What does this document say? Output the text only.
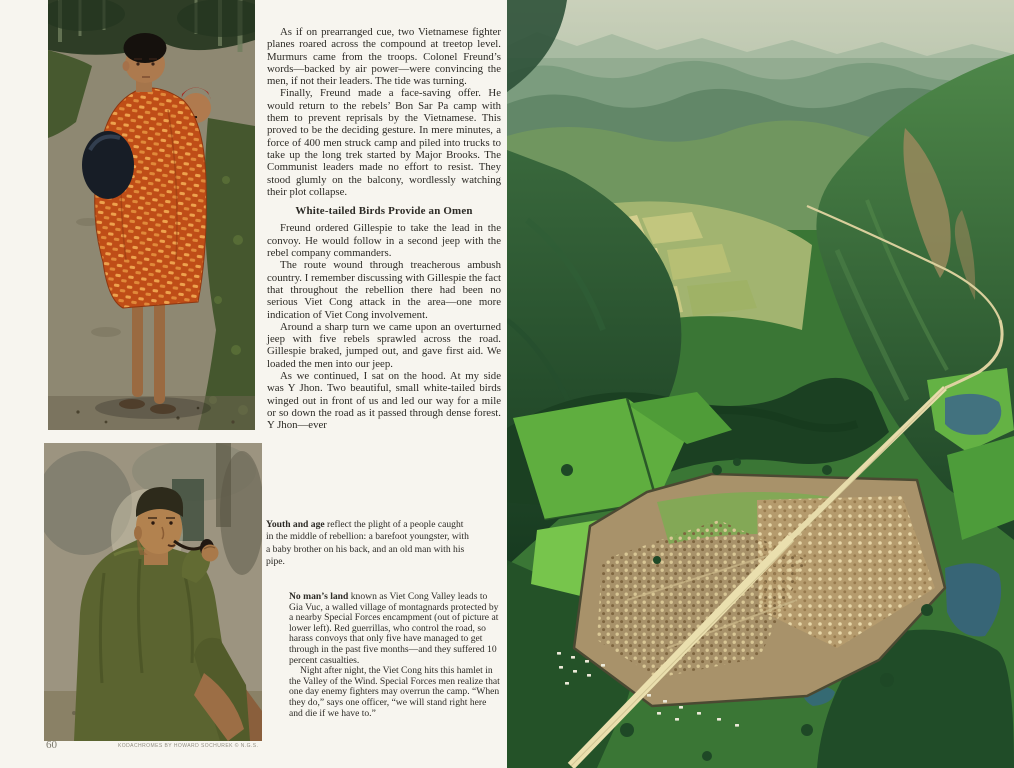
As if on prearranged cue, two Vietnamese fighter planes roared across the compound at treetop level. Murmurs came from the troops. Colonel Freund’s words—backed by air power—were convincing the men, if not their leaders. The tide was turning.

Finally, Freund made a face-saving offer. He would return to the rebels’ Bon Sar Pa camp with them to prevent reprisals by the Vietnamese. This proved to be the deciding gesture. In mere minutes, a force of 400 men struck camp and piled into trucks to take up the long trek started by Major Brooks. The Communist leaders made no effort to resist. They stood glumly on the balcony, wordlessly watching their plot collapse.

White-tailed Birds Provide an Omen

Freund ordered Gillespie to take the lead in the convoy. He would follow in a second jeep with the rebel company commanders.

The route wound through treacherous ambush country. I remember discussing with Gillespie the fact that throughout the rebellion there had been no serious Viet Cong attack in the area—one more indication of Viet Cong involvement.

Around a sharp turn we came upon an overturned jeep with five rebels sprawled across the road. Gillespie braked, jumped out, and gave first aid. We loaded the men into our jeep.

As we continued, I sat on the hood. At my side was Y Jhon. Two beautiful, small white-tailed birds winged out in front of us and led our way for a mile or so down the road as it passed through dense forest. Y Jhon—ever

Youth and age reflect the plight of a people caught in the middle of rebellion: a barefoot youngster, with a baby brother on his back, and an old man with his pipe.

No man’s land known as Viet Cong Valley leads to Gia Vuc, a walled village of montagnards protected by a nearby Special Forces encampment (out of picture at lower left). Red guerrillas, who control the road, so harass convoys that only five have managed to get through in the past five months—and they suffered 10 percent casualties.

Night after night, the Viet Cong hits this hamlet in the Valley of the Wind. Special Forces men realize that one day enemy fighters may overrun the camp. “When they do,” says one officer, “we will stand right here and die if we have to.”

60	KODACHROMES BY HOWARD SOCHUREK © N.G.S.
